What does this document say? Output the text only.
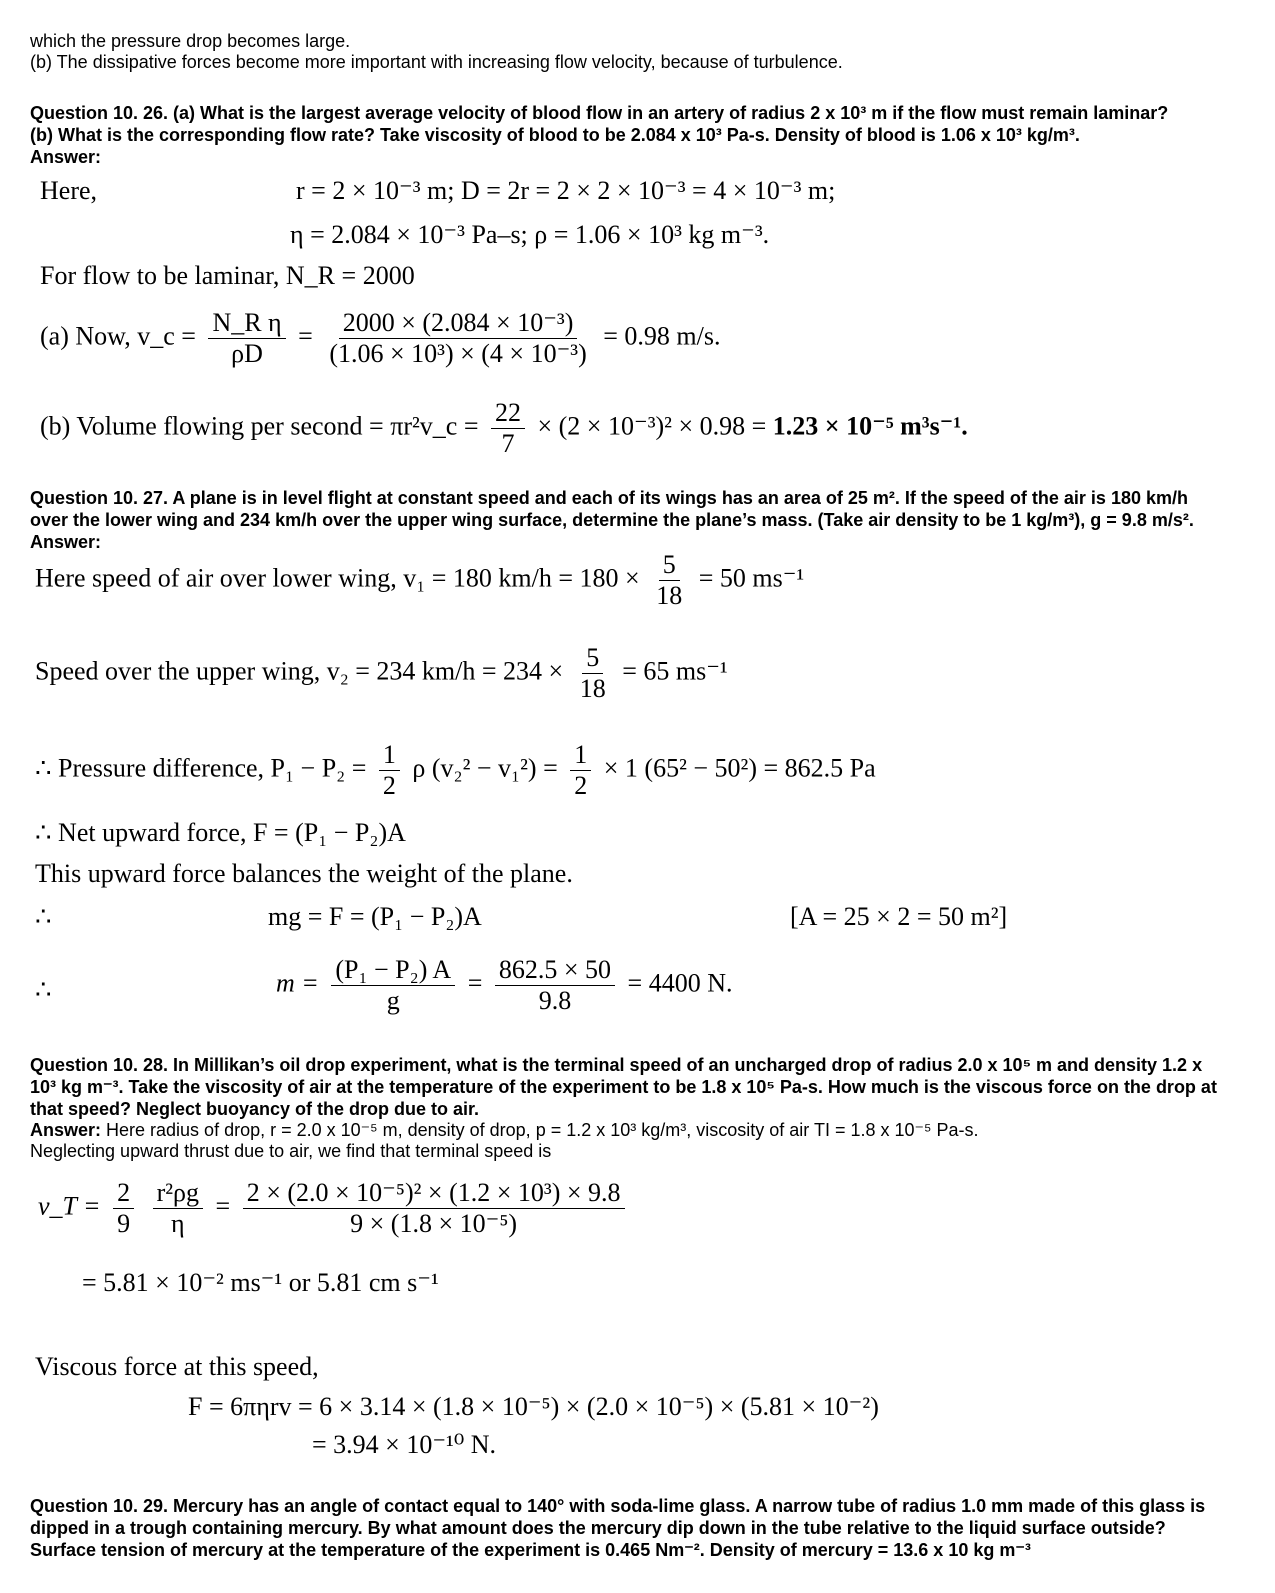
which the pressure drop becomes large.
(b) The dissipative forces become more important with increasing flow velocity, because of turbulence.
Question 10. 26. (a) What is the largest average velocity of blood flow in an artery of radius 2 x 10³ m if the flow must remain laminar?
(b) What is the corresponding flow rate? Take viscosity of blood to be 2.084 x 10³ Pa-s. Density of blood is 1.06 x 10³ kg/m³.
Answer:
Here,	r = 2 × 10⁻³ m; D = 2r = 2 × 2 × 10⁻³ = 4 × 10⁻³ m;
η = 2.084 × 10⁻³ Pa–s; ρ = 1.06 × 10³ kg m⁻³.
For flow to be laminar, N_R = 2000
(a) Now, v_c = $\frac{\text{N\_R η}}{\rho D} = \frac{\text{2000 × (2.084 × 10⁻³)}}{\text{(1.06 × 10³) × (4 × 10⁻³)}} = 0.98$ m/s.
(b) Volume flowing per second = πr²v_c = $\frac{22}{7} \times (2 \times 10^{-3})^2 \times 0.98 = 1.23 \times 10^{-5}$ m³s⁻¹.
Question 10. 27. A plane is in level flight at constant speed and each of its wings has an area of 25 m². If the speed of the air is 180 km/h
over the lower wing and 234 km/h over the upper wing surface, determine the plane’s mass. (Take air density to be 1 kg/m³), g = 9.8 m/s².
Answer:
Here speed of air over lower wing, v₁ = 180 $km/h = 180 \times \frac{5}{18} = 50$ ms⁻¹
Speed over the upper wing, v₂ = 234 $km/h = 234 \times \frac{5}{18} = 65$ ms⁻¹
∴ Pressure difference, $P_1 - P_2 = \frac{1}{2}$ ρ $(v_2^2 - v_1^2) = \frac{1}{2} \times 1$ (65² − 50²) = 862.5 Pa
∴ Net upward force, F = (P₁ − P₂)A
This upward force balances the weight of the plane.
∴	mg = F = (P₁ − P₂)A	[A = 25 × 2 = 50 m²]
∴	$m = \frac{\text{(P₁ − P₂) A}}{g} = \frac{862.5 \times 50}{9.8} = 4400$ N.
Question 10. 28. In Millikan’s oil drop experiment, what is the terminal speed of an uncharged drop of radius 2.0 x 10⁵ m and density 1.2 x
10³ kg m⁻³. Take the viscosity of air at the temperature of the experiment to be 1.8 x 10⁵ Pa-s. How much is the viscous force on the drop at
that speed? Neglect buoyancy of the drop due to air.
Answer: Here radius of drop, r = 2.0 x 10⁻⁵ m, density of drop, p = 1.2 x 10³ kg/m³, viscosity of air TI = 1.8 x 10⁻⁵ Pa-s.
Neglecting upward thrust due to air, we find that terminal speed is
v_T = $\frac{2}{9}$
$\frac{\text{r²ρg}}{\eta} = \frac{\text{2 × (2.0 × 10⁻⁵)² × (1.2 × 10³) × 9.8}}{\text{9 × (1.8 × 10⁻⁵)}}$
= 5.81 × 10⁻² ms⁻¹ or 5.81 cm s⁻¹
Viscous force at this speed,
F = 6πηrv = 6 × 3.14 × (1.8 × 10⁻⁵) × (2.0 × 10⁻⁵) × (5.81 × 10⁻²)
= 3.94 × 10⁻¹⁰ N.
Question 10. 29. Mercury has an angle of contact equal to 140° with soda-lime glass. A narrow tube of radius 1.0 mm made of this glass is
dipped in a trough containing mercury. By what amount does the mercury dip down in the tube relative to the liquid surface outside?
Surface tension of mercury at the temperature of the experiment is 0.465 Nm⁻². Density of mercury = 13.6 x 10 kg m⁻³
